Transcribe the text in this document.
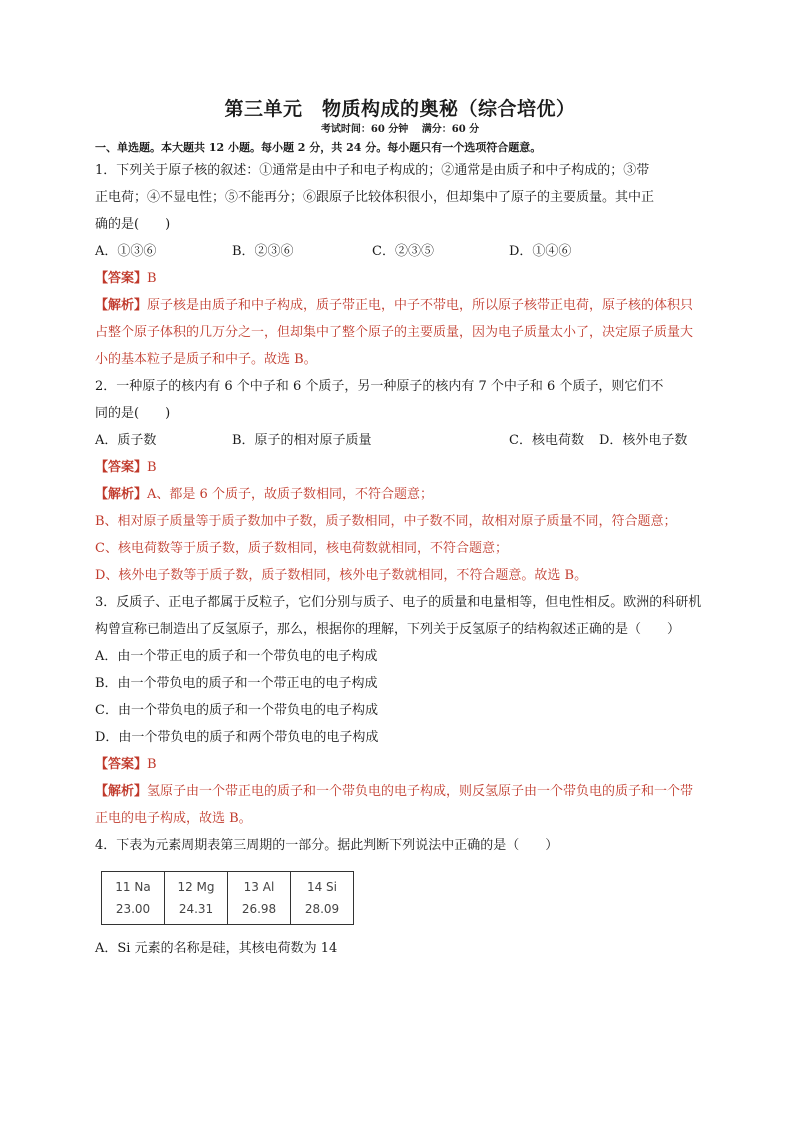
第三单元　物质构成的奥秘（综合培优）
考试时间：60 分钟　 满分：60 分
一、单选题。本大题共 12 小题。每小题 2 分，共 24 分。每小题只有一个选项符合题意。
1．下列关于原子核的叙述：①通常是由中子和电子构成的；②通常是由质子和中子构成的；③带
正电荷；④不显电性；⑤不能再分；⑥跟原子比较体积很小，但却集中了原子的主要质量。其中正
确的是(　　)
A．①③⑥	B．②③⑥	C．②③⑤	D．①④⑥
【答案】B
【解析】原子核是由质子和中子构成，质子带正电，中子不带电，所以原子核带正电荷，原子核的体积只占整个原子体积的几万分之一，但却集中了整个原子的主要质量，因为电子质量太小了，决定原子质量大小的基本粒子是质子和中子。故选 B。
2．一种原子的核内有 6 个中子和 6 个质子，另一种原子的核内有 7 个中子和 6 个质子，则它们不
同的是(　　)
A．质子数	B．原子的相对原子质量	C．核电荷数	D．核外电子数
【答案】B
【解析】A、都是 6 个质子，故质子数相同，不符合题意；
B、相对原子质量等于质子数加中子数，质子数相同，中子数不同，故相对原子质量不同，符合题意；
C、核电荷数等于质子数，质子数相同，核电荷数就相同，不符合题意；
D、核外电子数等于质子数，质子数相同，核外电子数就相同，不符合题意。故选 B。
3．反质子、正电子都属于反粒子，它们分别与质子、电子的质量和电量相等，但电性相反。欧洲的科研机构曾宣称已制造出了反氢原子，那么，根据你的理解，下列关于反氢原子的结构叙述正确的是（　　）
A．由一个带正电的质子和一个带负电的电子构成
B．由一个带负电的质子和一个带正电的电子构成
C．由一个带负电的质子和一个带负电的电子构成
D．由一个带负电的质子和两个带负电的电子构成
【答案】B
【解析】氢原子由一个带正电的质子和一个带负电的电子构成，则反氢原子由一个带负电的质子和一个带正电的电子构成，故选 B。
4．下表为元素周期表第三周期的一部分。据此判断下列说法中正确的是（　　）
11 Na
23.00

12 Mg
24.31

13 Al
26.98

14 Si
28.09
A．Si 元素的名称是硅，其核电荷数为 14
